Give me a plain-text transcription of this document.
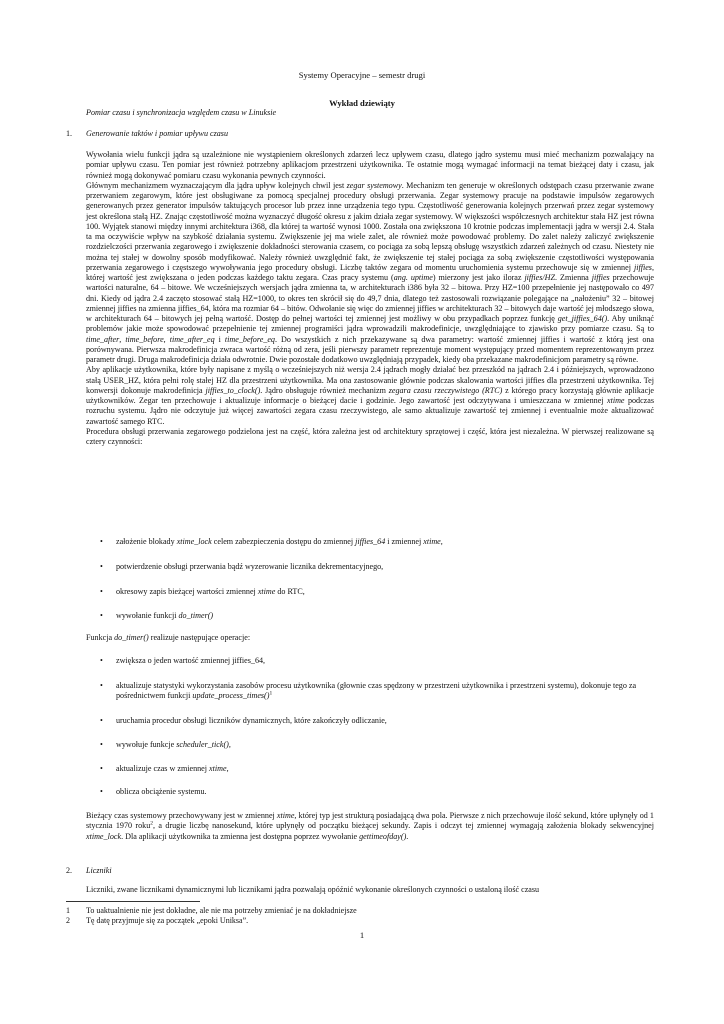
Systemy Operacyjne – semestr drugi
Wykład dziewiąty
Pomiar czasu i synchronizacja względem czasu w Linuksie
1. Generowanie taktów i pomiar upływu czasu

Wywołania wielu funkcji jądra są uzależnione nie wystąpieniem określonych zdarzeń lecz upływem czasu, dlatego jądro systemu musi mieć mechanizm pozwalający na pomiar upływu czasu. Ten pomiar jest również potrzebny aplikacjom przestrzeni użytkownika. Te ostatnie mogą wymagać informacji na temat bieżącej daty i czasu, jak również mogą dokonywać pomiaru czasu wykonania pewnych czynności.
Głównym mechanizmem wyznaczającym dla jądra upływ kolejnych chwil jest zegar systemowy. Mechanizm ten generuje w określonych odstępach czasu przerwanie zwane przerwaniem zegarowym, które jest obsługiwane za pomocą specjalnej procedury obsługi przerwania. Zegar systemowy pracuje na podstawie impulsów zegarowych generowanych przez generator impulsów taktujących procesor lub przez inne urządzenia tego typu. Częstotliwość generowania kolejnych przerwań przez zegar systemowy jest określona stałą HZ. Znając częstotliwość można wyznaczyć długość okresu z jakim działa zegar systemowy. W większości współczesnych architektur stała HZ jest równa 100. Wyjątek stanowi między innymi architektura i368, dla której ta wartość wynosi 1000. Została ona zwiększona 10 krotnie podczas implementacji jądra w wersji 2.4. Stała ta ma oczywiście wpływ na szybkość działania systemu. Zwiększenie jej ma wiele zalet, ale również może powodować problemy. Do zalet należy zaliczyć zwiększenie rozdzielczości przerwania zegarowego i zwiększenie dokładności sterowania czasem, co pociąga za sobą lepszą obsługę wszystkich zdarzeń zależnych od czasu. Niestety nie można tej stałej w dowolny sposób modyfikować. Należy również uwzględnić fakt, że zwiększenie tej stałej pociąga za sobą zwiększenie częstotliwości występowania przerwania zegarowego i częstszego wywoływania jego procedury obsługi. Liczbę taktów zegara od momentu uruchomienia systemu przechowuje się w zmiennej jiffies, której wartość jest zwiększana o jeden podczas każdego taktu zegara. Czas pracy systemu (ang. uptime) mierzony jest jako iloraz jiffies/HZ. Zmienna jiffies przechowuje wartości naturalne, 64 – bitowe. We wcześniejszych wersjach jądra zmienna ta, w architekturach i386 była 32 – bitowa. Przy HZ=100 przepełnienie jej następowało co 497 dni. Kiedy od jądra 2.4 zaczęto stosować stałą HZ=1000, to okres ten skrócił się do 49,7 dnia, dlatego też zastosowali rozwiązanie polegające na „nałożeniu” 32 – bitowej zmiennej jiffies na zmienna jiffies_64, która ma rozmiar 64 – bitów. Odwołanie się więc do zmiennej jiffies w architekturach 32 – bitowych daje wartość jej młodszego słowa, w architekturach 64 – bitowych jej pełną wartość. Dostęp do pełnej wartości tej zmiennej jest możliwy w obu przypadkach poprzez funkcję get_jiffies_64(). Aby uniknąć problemów jakie może spowodować przepełnienie tej zmiennej programiści jądra wprowadzili makrodefinicje, uwzględniające to zjawisko przy pomiarze czasu. Są to time_after, time_before, time_after_eq i time_before_eq. Do wszystkich z nich przekazywane są dwa parametry: wartość zmiennej jiffies i wartość z którą jest ona porównywana. Pierwsza makrodefinicja zwraca wartość różną od zera, jeśli pierwszy parametr reprezentuje moment występujący przed momentem reprezentowanym przez parametr drugi. Druga makrodefinicja działa odwrotnie. Dwie pozostałe dodatkowo uwzględniają przypadek, kiedy oba przekazane makrodefinicjom parametry są równe.
Aby aplikacje użytkownika, które były napisane z myślą o wcześniejszych niż wersja 2.4 jądrach mogły działać bez przeszkód na jądrach 2.4 i późniejszych, wprowadzono stałą USER_HZ, która pełni rolę stałej HZ dla przestrzeni użytkownika. Ma ona zastosowanie głównie podczas skalowania wartości jiffies dla przestrzeni użytkownika. Tej konwersji dokonuje makrodefinicja jiffies_to_clock(). Jądro obsługuje również mechanizm zegara czasu rzeczywistego (RTC) z którego pracy korzystają głównie aplikacje użytkowników. Zegar ten przechowuje i aktualizuje informacje o bieżącej dacie i godzinie. Jego zawartość jest odczytywana i umieszczana w zmiennej xtime podczas rozruchu systemu. Jądro nie odczytuje już więcej zawartości zegara czasu rzeczywistego, ale samo aktualizuje zawartość tej zmiennej i eventualnie może aktualizować zawartość samego RTC.
Procedura obsługi przerwania zegarowego podzielona jest na część, która zależna jest od architektury sprzętowej i część, która jest niezależna. W pierwszej realizowane są cztery czynności:

• założenie blokady xtime_lock celem zabezpieczenia dostępu do zmiennej jiffies_64 i zmiennej xtime,
• potwierdzenie obsługi przerwania bądź wyzerowanie licznika dekrementacyjnego,
• okresowy zapis bieżącej wartości zmiennej xtime do RTC,
• wywołanie funkcji do_timer()
Funkcja do_timer() realizuje następujące operacje:
• zwiększa o jeden wartość zmiennej jiffies_64,
• aktualizuje statystyki wykorzystania zasobów procesu użytkownika (głownie czas spędzony w przestrzeni użytkownika i przestrzeni systemu), dokonuje tego za pośrednictwem funkcji update_process_times()$^1$
• uruchamia procedur obsługi liczników dynamicznych, które zakończyły odliczanie,
• wywołuje funkcje scheduler_tick(),
• aktualizuje czas w zmiennej xtime,
• oblicza obciążenie systemu.
Bieżący czas systemowy przechowywany jest w zmiennej xtime, której typ jest strukturą posiadającą dwa pola. Pierwsze z nich przechowuje ilość sekund, które upłynęły od 1 stycznia 1970 roku$^2$, a drugie liczbę nanosekund, które upłynęły od początku bieżącej sekundy. Zapis i odczyt tej zmiennej wymagają założenia blokady sekwencyjnej xtime_lock. Dla aplikacji użytkownika ta zmienna jest dostępna poprzez wywołanie gettimeofday().
2. Liczniki
Liczniki, zwane licznikami dynamicznymi lub licznikami jądra pozwalają opóźnić wykonanie określonych czynności o ustaloną ilość czasu
1 To uaktualnienie nie jest dokładne, ale nie ma potrzeby zmieniać je na dokładniejsze
2 Tę datę przyjmuje się za początek „epoki Uniksa”.
1
